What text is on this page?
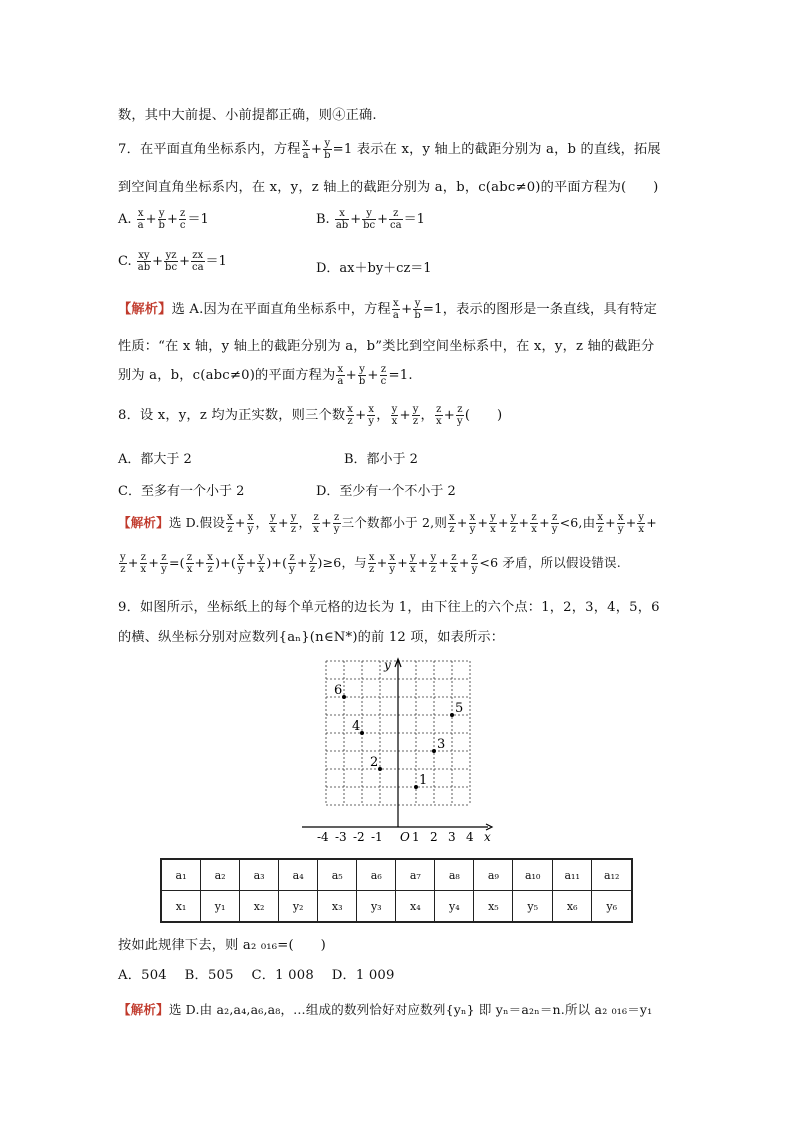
数，其中大前提、小前提都正确，则④正确.
7．在平面直角坐标系内，方程 $\frac{x}{a} + \frac{y}{b} =1$ 表示在 x，y 轴上的截距分别为 a，b 的直线，拓展
到空间直角坐标系内，在 x，y，z 轴上的截距分别为 a，b，c(abc≠0)的平面方程为(　　)
A. $\frac{x}{a} + \frac{y}{b} + \frac{z}{c} =1$	B. $\frac{x}{ab} + \frac{y}{bc} + \frac{z}{ca} =1$
C. $\frac{xy}{ab} + \frac{yz}{bc} + \frac{zx}{ca} =1$	D．ax＋by＋cz＝1
【解析】选 A.因为在平面直角坐标系中，方程 $\frac{x}{a} + \frac{y}{b} =1$，表示的图形是一条直线，具有特定
性质：“在 x 轴，y 轴上的截距分别为 a，b”类比到空间坐标系中，在 x，y，z 轴的截距分
别为 a，b，c(abc≠0)的平面方程为 $\frac{x}{a} + \frac{y}{b} + \frac{z}{c} =1$.
8．设 x，y，z 均为正实数，则三个数 $\frac{x}{z} + \frac{x}{y}$ ， $\frac{y}{x} + \frac{y}{z}$ ， $\frac{z}{x} + \frac{z}{y}$ (　　)
A．都大于 2	B．都小于 2
C．至多有一个小于 2	D．至少有一个不小于 2
【解析】选 D.假设 $\frac{x}{z} + \frac{x}{y}$ ， $\frac{y}{x} + \frac{y}{z}$ ， $\frac{z}{x} + \frac{z}{y}$ 三个数都小于 2,则 $\frac{x}{z} + \frac{x}{y} + \frac{y}{x} + \frac{y}{z} + \frac{z}{x} + \frac{z}{y} <6$,由 $\frac{x}{z} + \frac{x}{y} + \frac{y}{x}$ +
$\frac{y}{z} + \frac{z}{x} + \frac{z}{y}$ =( $\frac{z}{x} + \frac{x}{z}$ )+( $\frac{x}{y} + \frac{y}{x}$ )+( $\frac{z}{y} + \frac{y}{z} )\ge 6$，与 $\frac{x}{z} + \frac{x}{y} + \frac{y}{x} + \frac{y}{z} + \frac{z}{x} + \frac{z}{y} <6$ 矛盾，所以假设错误.
9．如图所示，坐标纸上的每个单元格的边长为 1，由下往上的六个点：1，2，3，4，5，6
的横、纵坐标分别对应数列{aₙ}(n∈N*)的前 12 项，如表所示：
-4 -3 -2 -1 1 2 3 4
O	x
y
1
2
3
4
5
6
a₁	a₂	a₃	a₄	a₅	a₆	a₇	a₈	a₉	a₁₀	a₁₁	a₁₂
x₁	y₁	x₂	y₂	x₃	y₃	x₄	y₄	x₅	y₅	x₆	y₆
按如此规律下去，则 a₂ ₀₁₆=(　　)
A．504　 B．505　 C．1 008　 D．1 009
【解析】选 D.由 a₂,a₄,a₆,a₈，…组成的数列恰好对应数列{yₙ} 即 yₙ＝a₂ₙ＝n.所以 a₂ ₀₁₆＝y₁
